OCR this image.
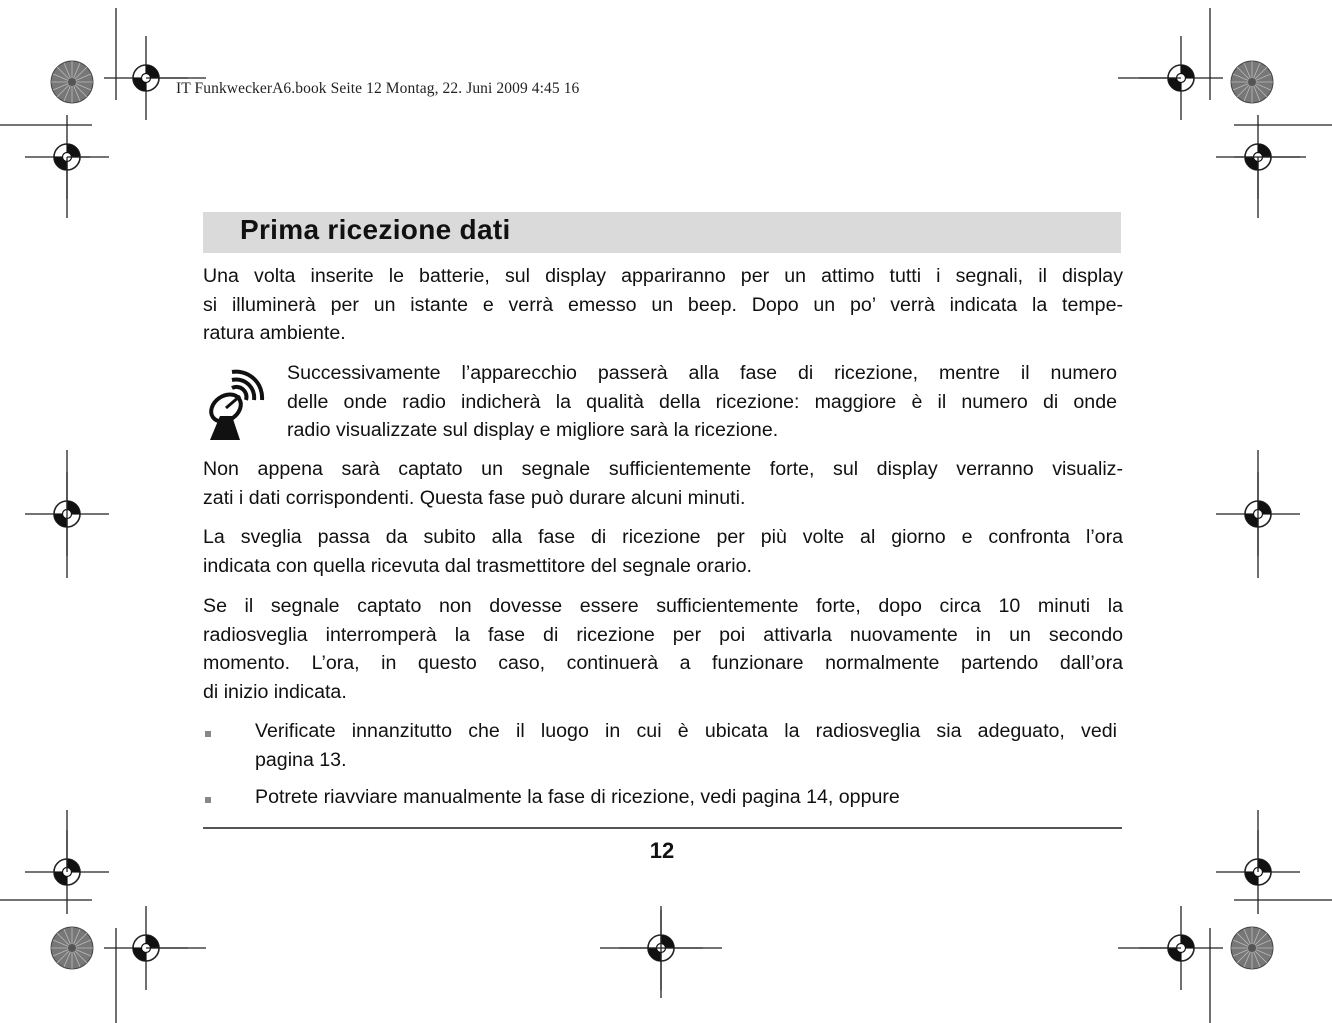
IT FunkweckerA6.book Seite 12 Montag, 22. Juni 2009 4:45 16
Prima ricezione dati

Una volta inserite le batterie, sul display appariranno per un attimo tutti i segnali, il display
si illuminerà per un istante e verrà emesso un beep. Dopo un po’ verrà indicata la tempe-
ratura ambiente.

Successivamente l’apparecchio passerà alla fase di ricezione, mentre il numero
delle onde radio indicherà la qualità della ricezione: maggiore è il numero di onde
radio visualizzate sul display e migliore sarà la ricezione.

Non appena sarà captato un segnale sufficientemente forte, sul display verranno visualiz-
zati i dati corrispondenti. Questa fase può durare alcuni minuti.

La sveglia passa da subito alla fase di ricezione per più volte al giorno e confronta l’ora
indicata con quella ricevuta dal trasmettitore del segnale orario.

Se il segnale captato non dovesse essere sufficientemente forte, dopo circa 10 minuti la
radiosveglia interromperà la fase di ricezione per poi attivarla nuovamente in un secondo
momento. L’ora, in questo caso, continuerà a funzionare normalmente partendo dall’ora
di inizio indicata.

Verificate innanzitutto che il luogo in cui è ubicata la radiosveglia sia adeguato, vedi
pagina 13.

Potrete riavviare manualmente la fase di ricezione, vedi pagina 14, oppure

12
